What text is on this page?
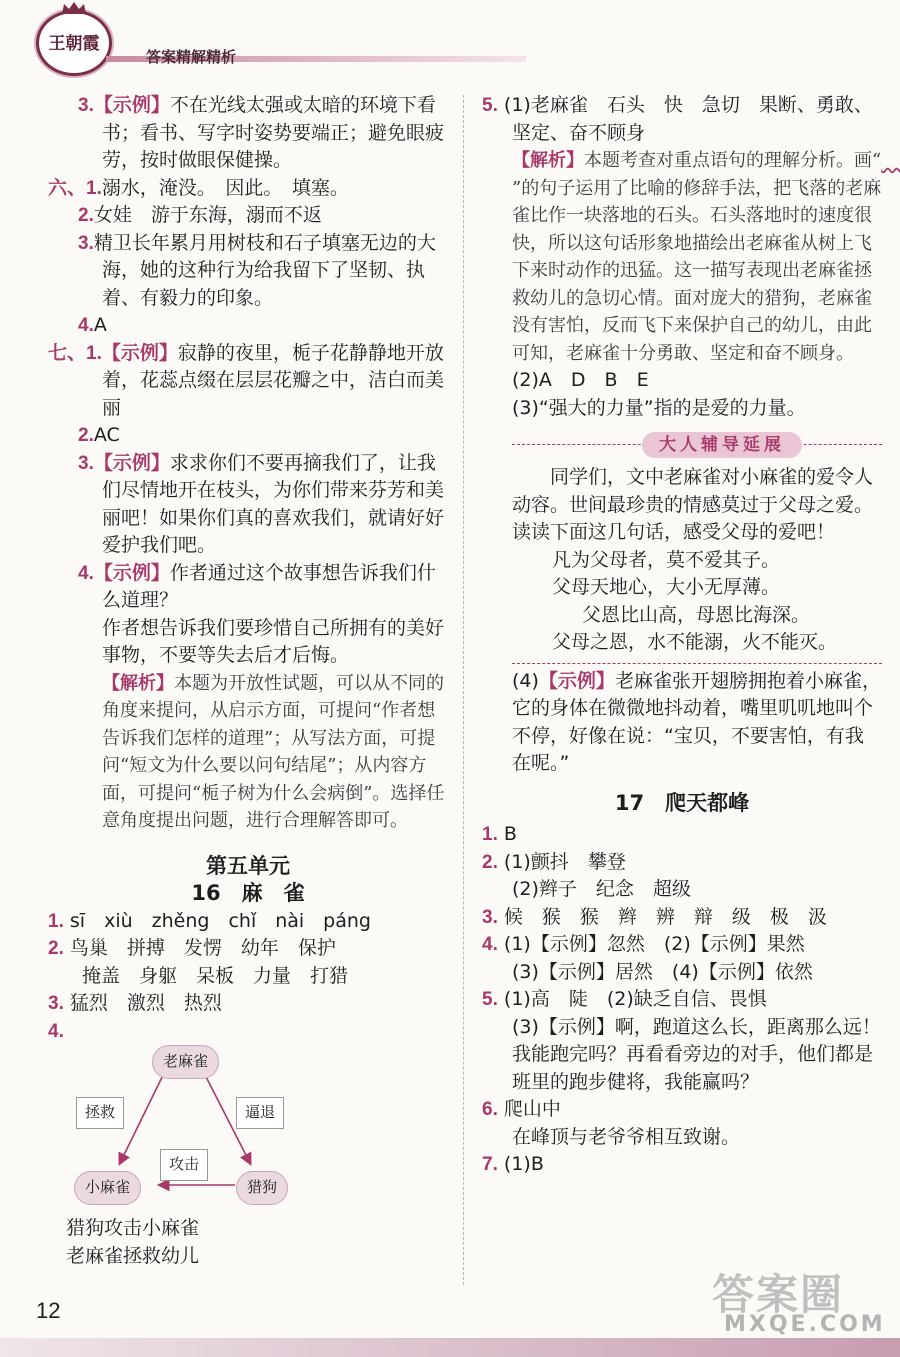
王朝霞
答案精解精析
3.【示例】不在光线太强或太暗的环境下看书；看书、写字时姿势要端正；避免眼疲劳，按时做眼保健操。
六、1.溺水，淹没。　因此。　填塞。
2.女娃　游于东海，溺而不返
3.精卫长年累月用树枝和石子填塞无边的大海，她的这种行为给我留下了坚韧、执着、有毅力的印象。
4.A
七、1.【示例】寂静的夜里，栀子花静静地开放着，花蕊点缀在层层花瓣之中，洁白而美丽
2.AC
3.【示例】求求你们不要再摘我们了，让我们尽情地开在枝头，为你们带来芬芳和美丽吧！如果你们真的喜欢我们，就请好好爱护我们吧。
4.【示例】作者通过这个故事想告诉我们什么道理？
作者想告诉我们要珍惜自己所拥有的美好事物，不要等失去后才后悔。
【解析】本题为开放性试题，可以从不同的角度来提问，从启示方面，可提问“作者想告诉我们怎样的道理”；从写法方面，可提问“短文为什么要以问句结尾”；从内容方面，可提问“栀子树为什么会病倒”。选择任意角度提出问题，进行合理解答即可。
第五单元
16　麻　雀
1. sī　xiù　zhěng　chǐ　nài　páng
2. 鸟巢　拼搏　发愣　幼年　保护
掩盖　身躯　呆板　力量　打猎
3. 猛烈　激烈　热烈
4.
老麻雀
小麻雀	猎狗
拯救	逼退
攻击
猎狗攻击小麻雀
老麻雀拯救幼儿
5. (1)老麻雀　石头　快　急切　果断、勇敢、坚定、奋不顾身
【解析】本题考查对重点语句的理解分析。画“　　”的句子运用了比喻的修辞手法，把飞落的老麻雀比作一块落地的石头。石头落地时的速度很快，所以这句话形象地描绘出老麻雀从树上飞下来时动作的迅猛。这一描写表现出老麻雀拯救幼儿的急切心情。面对庞大的猎狗，老麻雀没有害怕，反而飞下来保护自己的幼儿，由此可知，老麻雀十分勇敢、坚定和奋不顾身。
(2)A　D　B　E
(3)“强大的力量”指的是爱的力量。
大人辅导延展
同学们，文中老麻雀对小麻雀的爱令人动容。世间最珍贵的情感莫过于父母之爱。读读下面这几句话，感受父母的爱吧！
凡为父母者，莫不爱其子。
父母天地心，大小无厚薄。
父恩比山高，母恩比海深。
父母之恩，水不能溺，火不能灭。
(4)【示例】老麻雀张开翅膀拥抱着小麻雀，它的身体在微微地抖动着，嘴里叽叽地叫个不停，好像在说：“宝贝，不要害怕，有我在呢。”
17　爬天都峰
1. B
2. (1)颤抖　攀登
(2)辫子　纪念　超级
3. 候　猴　猴　辫　辨　辩　级　极　汲
4. (1)【示例】忽然　(2)【示例】果然
(3)【示例】居然　(4)【示例】依然
5. (1)高　陡　(2)缺乏自信、畏惧
(3)【示例】啊，跑道这么长，距离那么远！我能跑完吗？再看看旁边的对手，他们都是班里的跑步健将，我能赢吗？
6. 爬山中
在峰顶与老爷爷相互致谢。
7. (1)B
12	答案圈
MXQE.COM
